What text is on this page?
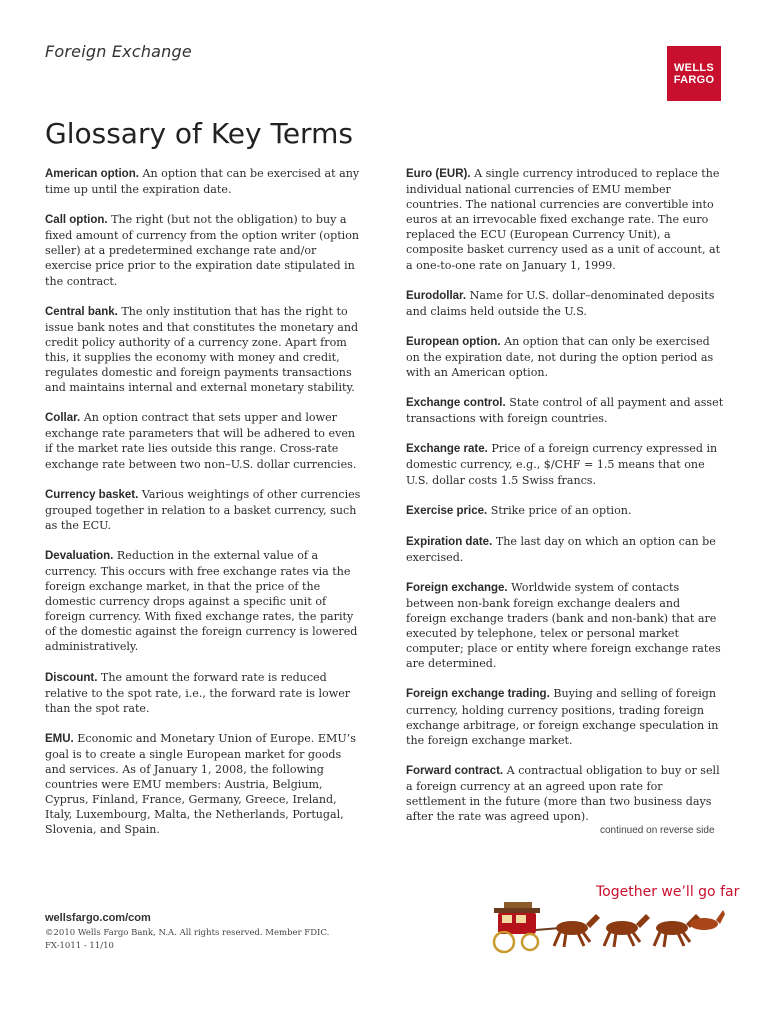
Foreign Exchange
WELLS
FARGO
Glossary of Key Terms
American option. An option that can be exercised at any time up until the expiration date.
Call option. The right (but not the obligation) to buy a fixed amount of currency from the option writer (option seller) at a predetermined exchange rate and/or exercise price prior to the expiration date stipulated in the contract.
Central bank. The only institution that has the right to issue bank notes and that constitutes the monetary and credit policy authority of a currency zone. Apart from this, it supplies the economy with money and credit, regulates domestic and foreign payments transactions and maintains internal and external monetary stability.
Collar. An option contract that sets upper and lower exchange rate parameters that will be adhered to even if the market rate lies outside this range. Cross-rate exchange rate between two non–U.S. dollar currencies.
Currency basket. Various weightings of other currencies grouped together in relation to a basket currency, such as the ECU.
Devaluation. Reduction in the external value of a currency. This occurs with free exchange rates via the foreign exchange market, in that the price of the domestic currency drops against a specific unit of foreign currency. With fixed exchange rates, the parity of the domestic against the foreign currency is lowered administratively.
Discount. The amount the forward rate is reduced relative to the spot rate, i.e., the forward rate is lower than the spot rate.
EMU. Economic and Monetary Union of Europe. EMU’s goal is to create a single European market for goods and services. As of January 1, 2008, the following countries were EMU members: Austria, Belgium, Cyprus, Finland, France, Germany, Greece, Ireland, Italy, Luxembourg, Malta, the Netherlands, Portugal, Slovenia, and Spain.
Euro (EUR). A single currency introduced to replace the individual national currencies of EMU member countries. The national currencies are convertible into euros at an irrevocable fixed exchange rate. The euro replaced the ECU (European Currency Unit), a composite basket currency used as a unit of account, at a one-to-one rate on January 1, 1999.
Eurodollar. Name for U.S. dollar–denominated deposits and claims held outside the U.S.
European option. An option that can only be exercised on the expiration date, not during the option period as with an American option.
Exchange control. State control of all payment and asset transactions with foreign countries.
Exchange rate. Price of a foreign currency expressed in domestic currency, e.g., $/CHF = 1.5 means that one U.S. dollar costs 1.5 Swiss francs.
Exercise price. Strike price of an option.
Expiration date. The last day on which an option can be exercised.
Foreign exchange. Worldwide system of contacts between non-bank foreign exchange dealers and foreign exchange traders (bank and non-bank) that are executed by telephone, telex or personal market computer; place or entity where foreign exchange rates are determined.
Foreign exchange trading. Buying and selling of foreign currency, holding currency positions, trading foreign exchange arbitrage, or foreign exchange speculation in the foreign exchange market.
Forward contract. A contractual obligation to buy or sell a foreign currency at an agreed upon rate for settlement in the future (more than two business days after the rate was agreed upon).
continued on reverse side
wellsfargo.com/com
©2010 Wells Fargo Bank, N.A. All rights reserved. Member FDIC.
FX-1011 - 11/10
Together we’ll go far
